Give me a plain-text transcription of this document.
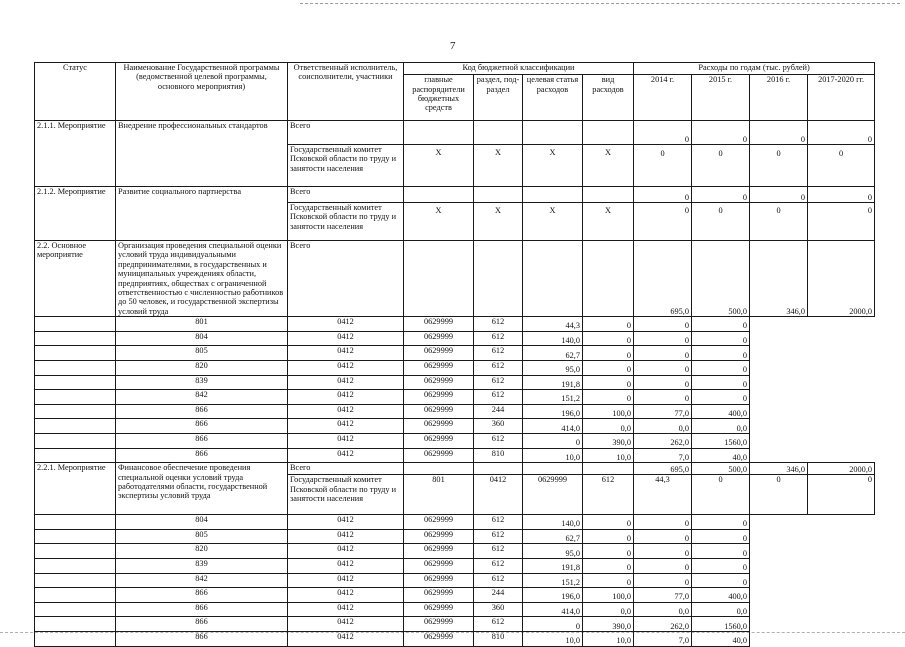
7
Статус	Наименование Государственной программы (ведомственной целевой программы, основного мероприятия)	Ответственный исполнитель, соисполнители, участники	Код бюджетной классификации				Расходы по годам (тыс. рублей)			
			главные распорядители бюджетных средств	раздел, под-раздел	целевая статья расходов	вид расходов	2014 г.	2015 г.	2016 г.	2017-2020 гг.
2.1.1. Мероприятие	Внедрение профессиональных стандартов	Всего					0	0	0	0
		Государственный комитет Псковской области по труду и занятости населения	Х	Х	Х	Х	0	0	0	0
2.1.2. Мероприятие	Развитие социального партнерства	Всего					0	0	0	0
		Государственный комитет Псковской области по труду и занятости населения	Х	Х	Х	Х	0	0	0	0
2.2. Основное мероприятие	Организация проведения специальной оценки условий труда индивидуальными предпринимателями, в государственных и муниципальных учреждениях области, предприятиях, обществах с ограниченной ответственностью с численностью работников до 50 человек, и государственной экспертизы условий труда	Всего					695,0	500,0	346,0	2000,0
	801	0412	0629999	612	44,3	0	0	0		
	804	0412	0629999	612	140,0	0	0	0		
	805	0412	0629999	612	62,7	0	0	0		
	820	0412	0629999	612	95,0	0	0	0		
	839	0412	0629999	612	191,8	0	0	0		
	842	0412	0629999	612	151,2	0	0	0		
	866	0412	0629999	244	196,0	100,0	77,0	400,0		
	866	0412	0629999	360	414,0	0,0	0,0	0,0		
	866	0412	0629999	612	0	390,0	262,0	1560,0		
	866	0412	0629999	810	10,0	10,0	7,0	40,0		
2.2.1. Мероприятие	Финансовое обеспечение проведения специальной оценки условий труда работодателями области, государственной экспертизы условий труда	Всего					695,0	500,0	346,0	2000,0
		Государственный комитет Псковской области по труду и занятости населения	801	0412	0629999	612	44,3	0	0	0
	804	0412	0629999	612	140,0	0	0	0		
	805	0412	0629999	612	62,7	0	0	0		
	820	0412	0629999	612	95,0	0	0	0		
	839	0412	0629999	612	191,8	0	0	0		
	842	0412	0629999	612	151,2	0	0	0		
	866	0412	0629999	244	196,0	100,0	77,0	400,0		
	866	0412	0629999	360	414,0	0,0	0,0	0,0		
	866	0412	0629999	612	0	390,0	262,0	1560,0		
	866	0412	0629999	810	10,0	10,0	7,0	40,0		
